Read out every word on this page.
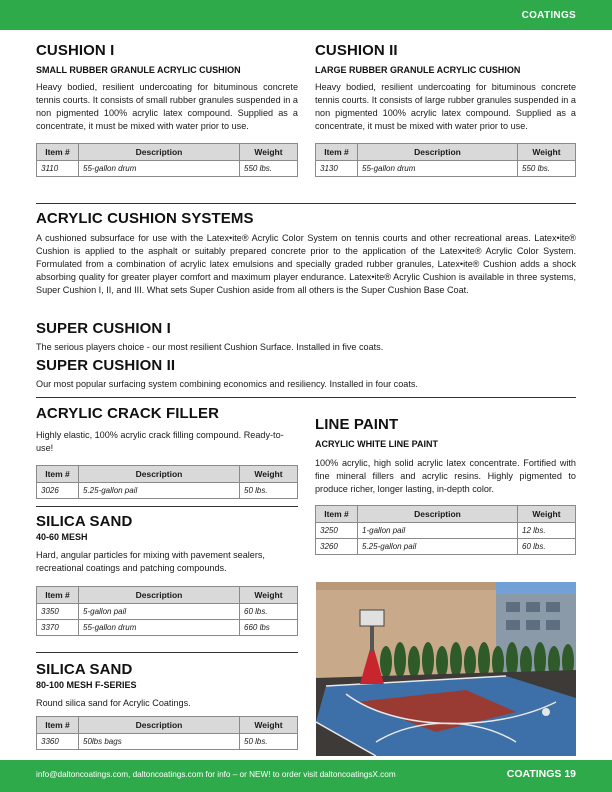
COATINGS
CUSHION I
SMALL RUBBER GRANULE ACRYLIC CUSHION

Heavy bodied, resilient undercoating for bituminous concrete tennis courts. It consists of small rubber granules suspended in a non pigmented 100% acrylic latex compound. Supplied as a concentrate, it must be mixed with water prior to use.

Item #	Description	Weight
3110	55-gallon drum	550 lbs.
CUSHION II
LARGE RUBBER GRANULE ACRYLIC CUSHION

Heavy bodied, resilient undercoating for bituminous concrete tennis courts. It consists of large rubber granules suspended in a non pigmented 100% acrylic latex compound. Supplied as a concentrate, it must be mixed with water prior to use.

Item #	Description	Weight
3130	55-gallon drum	550 lbs.
ACRYLIC CUSHION SYSTEMS

A cushioned subsurface for use with the Latex•ite® Acrylic Color System on tennis courts and other recreational areas. Latex•ite® Cushion is applied to the asphalt or suitably prepared concrete prior to the application of the Latex•ite® Acrylic Color System. Formulated from a combination of acrylic latex emulsions and specially graded rubber granules, Latex•ite® Cushion adds a shock absorbing quality for greater player comfort and maximum player endurance. Latex•ite® Acrylic Cushion is available in three systems, Super Cushion I, II, and III. What sets Super Cushion aside from all others is the Super Cushion Base Coat.

SUPER CUSHION I

The serious players choice - our most resilient Cushion Surface. Installed in five coats.

SUPER CUSHION II

Our most popular surfacing system combining economics and resiliency. Installed in four coats.

ACRYLIC CRACK FILLER

Highly elastic, 100% acrylic crack filling compound. Ready-to-use!

Item #	Description	Weight
3026	5.25-gallon pail	50 lbs.
SILICA SAND
40-60 MESH

Hard, angular particles for mixing with pavement sealers, recreational coatings and patching compounds.

Item #	Description	Weight
3350	5-gallon pail	60 lbs.
3370	55-gallon drum	660 lbs
SILICA SAND
80-100 MESH F-SERIES

Round silica sand for Acrylic Coatings.

Item #	Description	Weight
3360	50lbs bags	50 lbs.
LINE PAINT
ACRYLIC WHITE LINE PAINT

100% acrylic, high solid acrylic latex concentrate. Fortified with fine mineral fillers and acrylic resins. Highly pigmented to produce richer, longer lasting, in-depth color.

Item #	Description	Weight
3250	1-gallon pail	12 lbs.
3260	5.25-gallon pail	60 lbs.
info@daltoncoatings.com, daltoncoatings.com for info – or NEW! to order visit daltoncoatingsX.com	COATINGS 19
